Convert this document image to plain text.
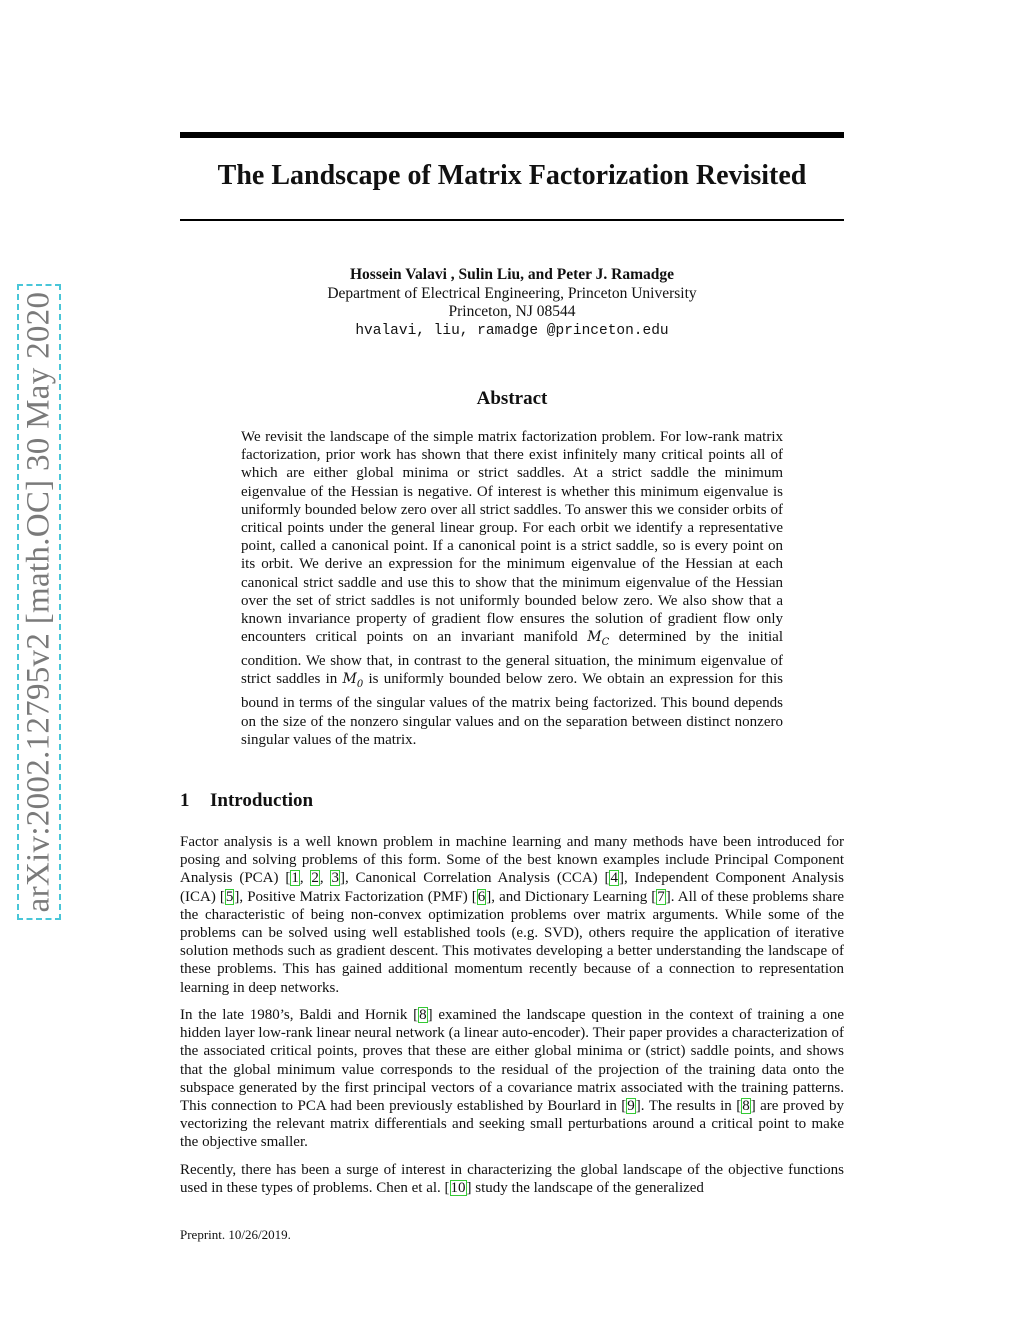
arXiv:2002.12795v2 [math.OC] 30 May 2020
The Landscape of Matrix Factorization Revisited
Hossein Valavi , Sulin Liu, and Peter J. Ramadge
Department of Electrical Engineering, Princeton University
Princeton, NJ 08544
hvalavi, liu, ramadge @princeton.edu
Abstract

We revisit the landscape of the simple matrix factorization problem. For low-rank matrix factorization, prior work has shown that there exist infinitely many critical points all of which are either global minima or strict saddles. At a strict saddle the minimum eigenvalue of the Hessian is negative. Of interest is whether this minimum eigenvalue is uniformly bounded below zero over all strict saddles. To answer this we consider orbits of critical points under the general linear group. For each orbit we identify a representative point, called a canonical point. If a canonical point is a strict saddle, so is every point on its orbit. We derive an expression for the minimum eigenvalue of the Hessian at each canonical strict saddle and use this to show that the minimum eigenvalue of the Hessian over the set of strict saddles is not uniformly bounded below zero. We also show that a known invariance property of gradient flow ensures the solution of gradient flow only encounters critical points on an invariant manifold $M_C$ determined by the initial condition. We show that, in contrast to the general situation, the minimum eigenvalue of strict saddles in $M_0$ is uniformly bounded below zero. We obtain an expression for this bound in terms of the singular values of the matrix being factorized. This bound depends on the size of the nonzero singular values and on the separation between distinct nonzero singular values of the matrix.

1 Introduction

Factor analysis is a well known problem in machine learning and many methods have been introduced for posing and solving problems of this form. Some of the best known examples include Principal Component Analysis (PCA) [1, 2, 3], Canonical Correlation Analysis (CCA) [4], Independent Component Analysis (ICA) [5], Positive Matrix Factorization (PMF) [6], and Dictionary Learning [7]. All of these problems share the characteristic of being non-convex optimization problems over matrix arguments. While some of the problems can be solved using well established tools (e.g. SVD), others require the application of iterative solution methods such as gradient descent. This motivates developing a better understanding the landscape of these problems. This has gained additional momentum recently because of a connection to representation learning in deep networks.

In the late 1980’s, Baldi and Hornik [8] examined the landscape question in the context of training a one hidden layer low-rank linear neural network (a linear auto-encoder). Their paper provides a characterization of the associated critical points, proves that these are either global minima or (strict) saddle points, and shows that the global minimum value corresponds to the residual of the projection of the training data onto the subspace generated by the first principal vectors of a covariance matrix associated with the training patterns. This connection to PCA had been previously established by Bourlard in [9]. The results in [8] are proved by vectorizing the relevant matrix differentials and seeking small perturbations around a critical point to make the objective smaller.

Recently, there has been a surge of interest in characterizing the global landscape of the objective functions used in these types of problems. Chen et al. [10] study the landscape of the generalized

Preprint. 10/26/2019.
